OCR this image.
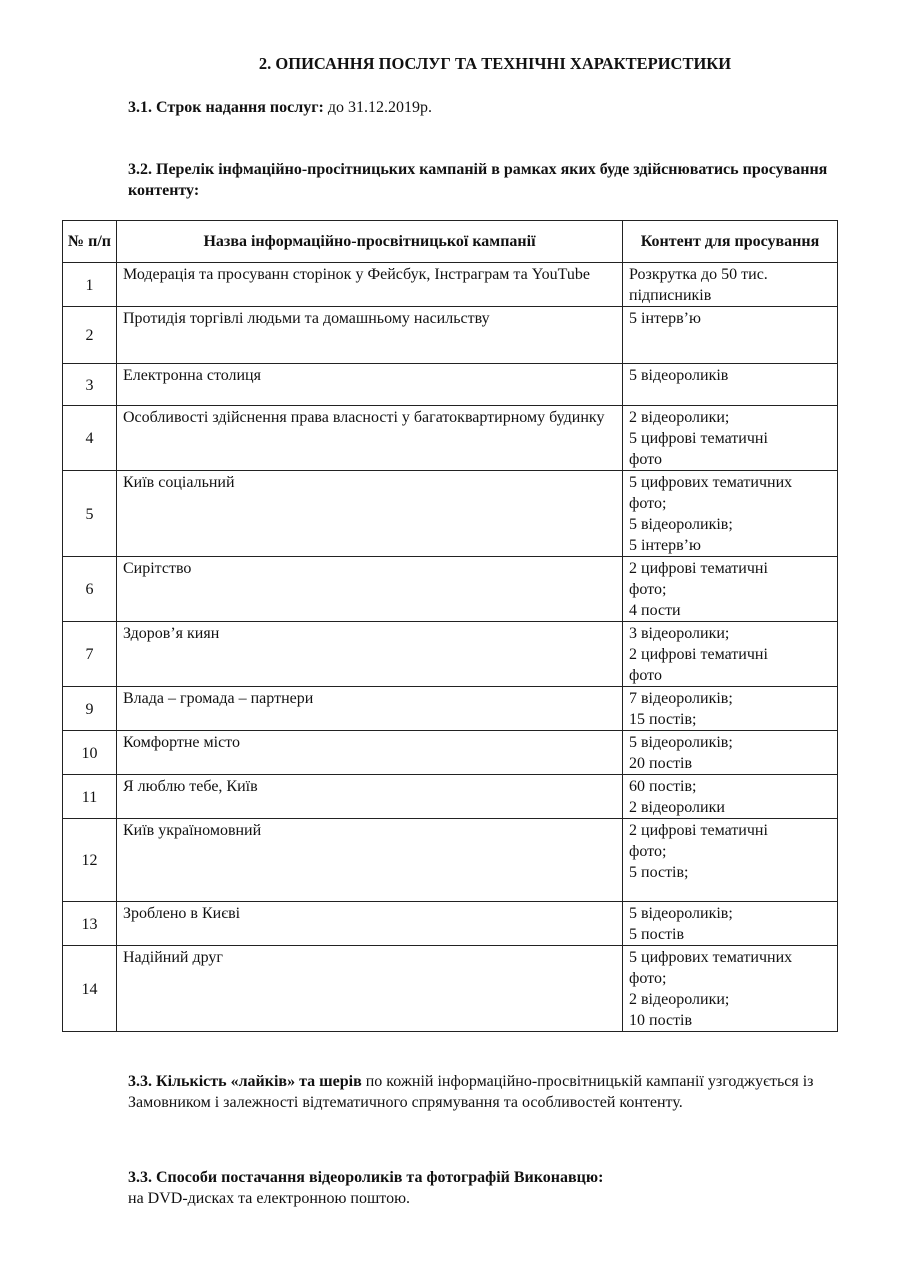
2. ОПИСАННЯ ПОСЛУГ ТА ТЕХНІЧНІ ХАРАКТЕРИСТИКИ
3.1. Строк надання послуг: до 31.12.2019р.
3.2. Перелік інфмаційно-просітницьких кампаній в рамках яких буде здійснюватись просування контенту:
№ п/п	Назва інформаційно-просвітницької кампанії	Контент для просування
1	Модерація та просуванн сторінок у Фейсбук, Інстраграм та YouTube	Розкрутка до 50 тис.
підписників

2	Протидія торгівлі людьми та домашньому насильству	5 інтерв’ю

3	Електронна столиця	5 відеороликів

4	Особливості здійснення права власності у багатоквартирному будинку	2 відеоролики;
5 цифрові тематичні
фото

5	Київ соціальний	5 цифрових тематичних
фото;
5 відеороликів;
5 інтерв’ю

6	Сирітство	2 цифрові тематичні
фото;
4 пости

7	Здоров’я киян	3 відеоролики;
2 цифрові тематичні
фото

9	Влада – громада – партнери	7 відеороликів;
15 постів;

10	Комфортне місто	5 відеороликів;
20 постів

11	Я люблю тебе, Київ	60 постів;
2 відеоролики

12	Київ україномовний	2 цифрові тематичні
фото;
5 постів;

13	Зроблено в Києві	5 відеороликів;
5 постів

14	Надійний друг	5 цифрових тематичних
фото;
2 відеоролики;
10 постів
3.3. Кількість «лайків» та шерів по кожній інформаційно-просвітницькій кампанії узгоджується із Замовником і залежності відтематичного спрямування та особливостей контенту.
3.3. Способи постачання відеороликів та фотографій Виконавцю:
на DVD-дисках та електронною поштою.
